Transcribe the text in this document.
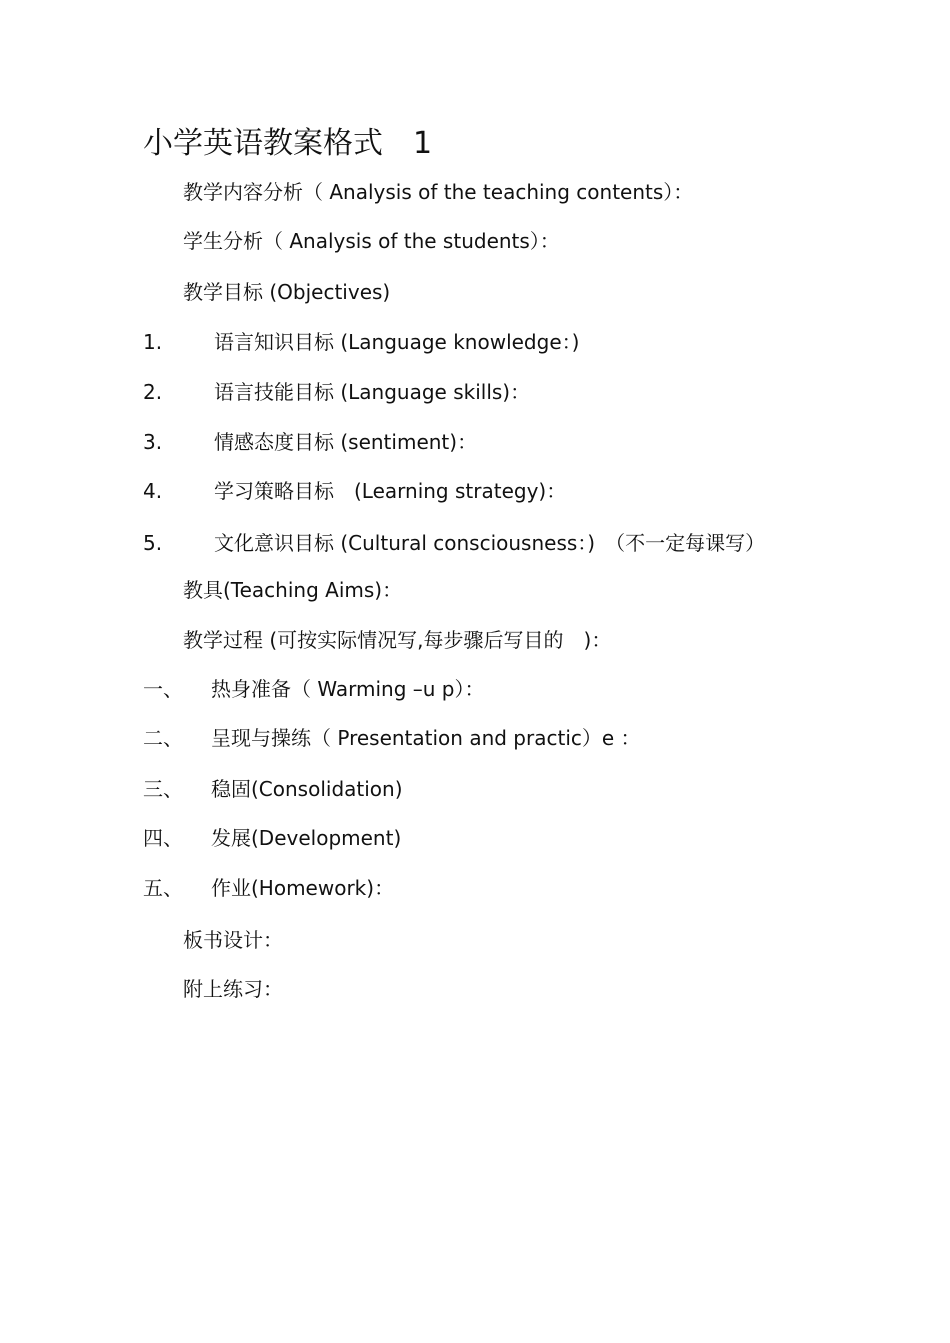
小学英语教案格式　1
教学内容分析（ Analysis of the teaching contents）：
学生分析（ Analysis of the students）：
教学目标 (Objectives)
1.	语言知识目标 (Language knowledge：)
2.	语言技能目标 (Language skills)：
3.	情感态度目标 (sentiment)：
4.	学习策略目标　(Learning strategy)：
5.	文化意识目标 (Cultural consciousness：)　（不一定每课写）
教具(Teaching Aims)：
教学过程 (可按实际情况写,每步骤后写目的　)：
一、 热身准备（ Warming –u p）：
二、 呈现与操练（ Presentation and practic）e ：
三、 稳固(Consolidation)
四、 发展(Development)
五、 作业(Homework)：
板书设计：
附上练习：
